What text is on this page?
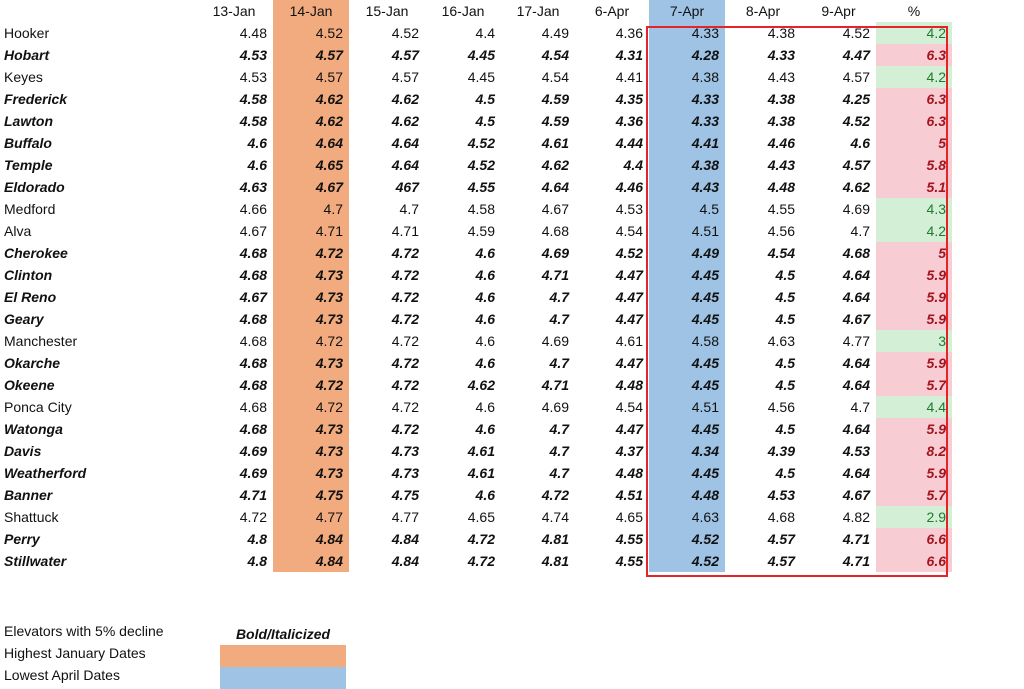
	13-Jan	14-Jan	15-Jan	16-Jan	17-Jan	6-Apr	7-Apr	8-Apr	9-Apr	%
Hooker	4.48	4.52	4.52	4.4	4.49	4.36	4.33	4.38	4.52	4.2
Hobart	4.53	4.57	4.57	4.45	4.54	4.31	4.28	4.33	4.47	6.3
Keyes	4.53	4.57	4.57	4.45	4.54	4.41	4.38	4.43	4.57	4.2
Frederick	4.58	4.62	4.62	4.5	4.59	4.35	4.33	4.38	4.25	6.3
Lawton	4.58	4.62	4.62	4.5	4.59	4.36	4.33	4.38	4.52	6.3
Buffalo	4.6	4.64	4.64	4.52	4.61	4.44	4.41	4.46	4.6	5
Temple	4.6	4.65	4.64	4.52	4.62	4.4	4.38	4.43	4.57	5.8
Eldorado	4.63	4.67	467	4.55	4.64	4.46	4.43	4.48	4.62	5.1
Medford	4.66	4.7	4.7	4.58	4.67	4.53	4.5	4.55	4.69	4.3
Alva	4.67	4.71	4.71	4.59	4.68	4.54	4.51	4.56	4.7	4.2
Cherokee	4.68	4.72	4.72	4.6	4.69	4.52	4.49	4.54	4.68	5
Clinton	4.68	4.73	4.72	4.6	4.71	4.47	4.45	4.5	4.64	5.9
El Reno	4.67	4.73	4.72	4.6	4.7	4.47	4.45	4.5	4.64	5.9
Geary	4.68	4.73	4.72	4.6	4.7	4.47	4.45	4.5	4.67	5.9
Manchester	4.68	4.72	4.72	4.6	4.69	4.61	4.58	4.63	4.77	3
Okarche	4.68	4.73	4.72	4.6	4.7	4.47	4.45	4.5	4.64	5.9
Okeene	4.68	4.72	4.72	4.62	4.71	4.48	4.45	4.5	4.64	5.7
Ponca City	4.68	4.72	4.72	4.6	4.69	4.54	4.51	4.56	4.7	4.4
Watonga	4.68	4.73	4.72	4.6	4.7	4.47	4.45	4.5	4.64	5.9
Davis	4.69	4.73	4.73	4.61	4.7	4.37	4.34	4.39	4.53	8.2
Weatherford	4.69	4.73	4.73	4.61	4.7	4.48	4.45	4.5	4.64	5.9
Banner	4.71	4.75	4.75	4.6	4.72	4.51	4.48	4.53	4.67	5.7
Shattuck	4.72	4.77	4.77	4.65	4.74	4.65	4.63	4.68	4.82	2.9
Perry	4.8	4.84	4.84	4.72	4.81	4.55	4.52	4.57	4.71	6.6
Stillwater	4.8	4.84	4.84	4.72	4.81	4.55	4.52	4.57	4.71	6.6
Elevators with 5% decline	Bold/Italicized
Highest January Dates
Lowest April Dates
